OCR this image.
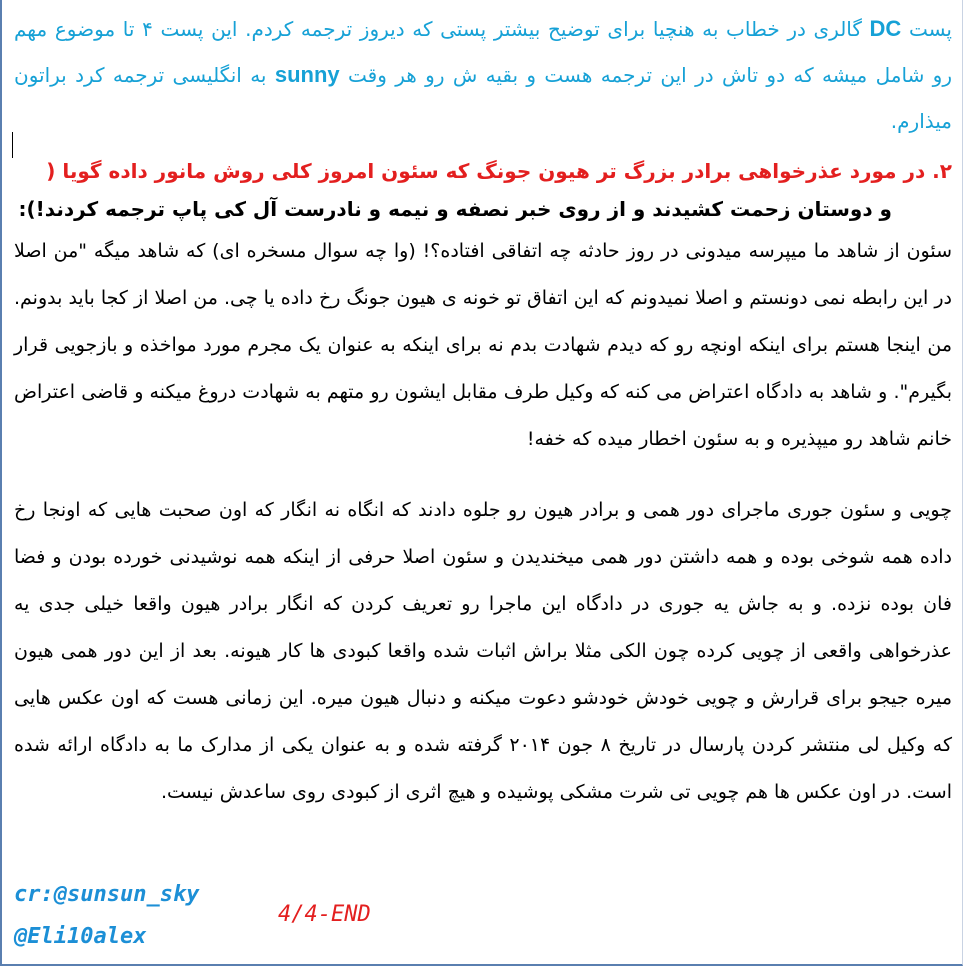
پست DC گالری در خطاب به هنچیا برای توضیح بیشتر پستی که دیروز ترجمه کردم. این پست ۴ تا موضوع مهم رو شامل میشه که دو تاش در این ترجمه هست و بقیه ش رو هر وقت sunny به انگلیسی ترجمه کرد براتون میذارم.
۲. در مورد عذرخواهی برادر بزرگ تر هیون جونگ که سئون امروز کلی روش مانور داده گویا (
و دوستان زحمت کشیدند و از روی خبر نصفه و نیمه و نادرست آل کی پاپ ترجمه کردند!):

سئون از شاهد ما میپرسه میدونی در روز حادثه چه اتفاقی افتاده؟! (وا چه سوال مسخره ای) که شاهد میگه "من اصلا در این رابطه نمی دونستم و اصلا نمیدونم که این اتفاق تو خونه ی هیون جونگ رخ داده یا چی. من اصلا از کجا باید بدونم. من اینجا هستم برای اینکه اونچه رو که دیدم شهادت بدم نه برای اینکه به عنوان یک مجرم مورد مواخذه و بازجویی قرار بگیرم". و شاهد به دادگاه اعتراض می کنه که وکیل طرف مقابل ایشون رو متهم به شهادت دروغ میکنه و قاضی اعتراض خانم شاهد رو میپذیره و به سئون اخطار میده که خفه!

چویی و سئون جوری ماجرای دور همی و برادر هیون رو جلوه دادند که انگاه نه انگار که اون صحبت هایی که اونجا رخ داده همه شوخی بوده و همه داشتن دور همی میخندیدن و سئون اصلا حرفی از اینکه همه نوشیدنی خورده بودن و فضا فان بوده نزده. و به جاش یه جوری در دادگاه این ماجرا رو تعریف کردن که انگار برادر هیون واقعا خیلی جدی یه عذرخواهی واقعی از چویی کرده چون الکی مثلا براش اثبات شده واقعا کبودی ها کار هیونه. بعد از این دور همی هیون میره جیجو برای قرارش و چویی خودش خودشو دعوت میکنه و دنبال هیون میره. این زمانی هست که اون عکس هایی که وکیل لی منتشر کردن پارسال در تاریخ ۸ جون ۲۰۱۴ گرفته شده و به عنوان یکی از مدارک ما به دادگاه ارائه شده است. در اون عکس ها هم چویی تی شرت مشکی پوشیده و هیچ اثری از کبودی روی ساعدش نیست.

cr:@sunsun_sky
@Eli10alex
4/4-END
